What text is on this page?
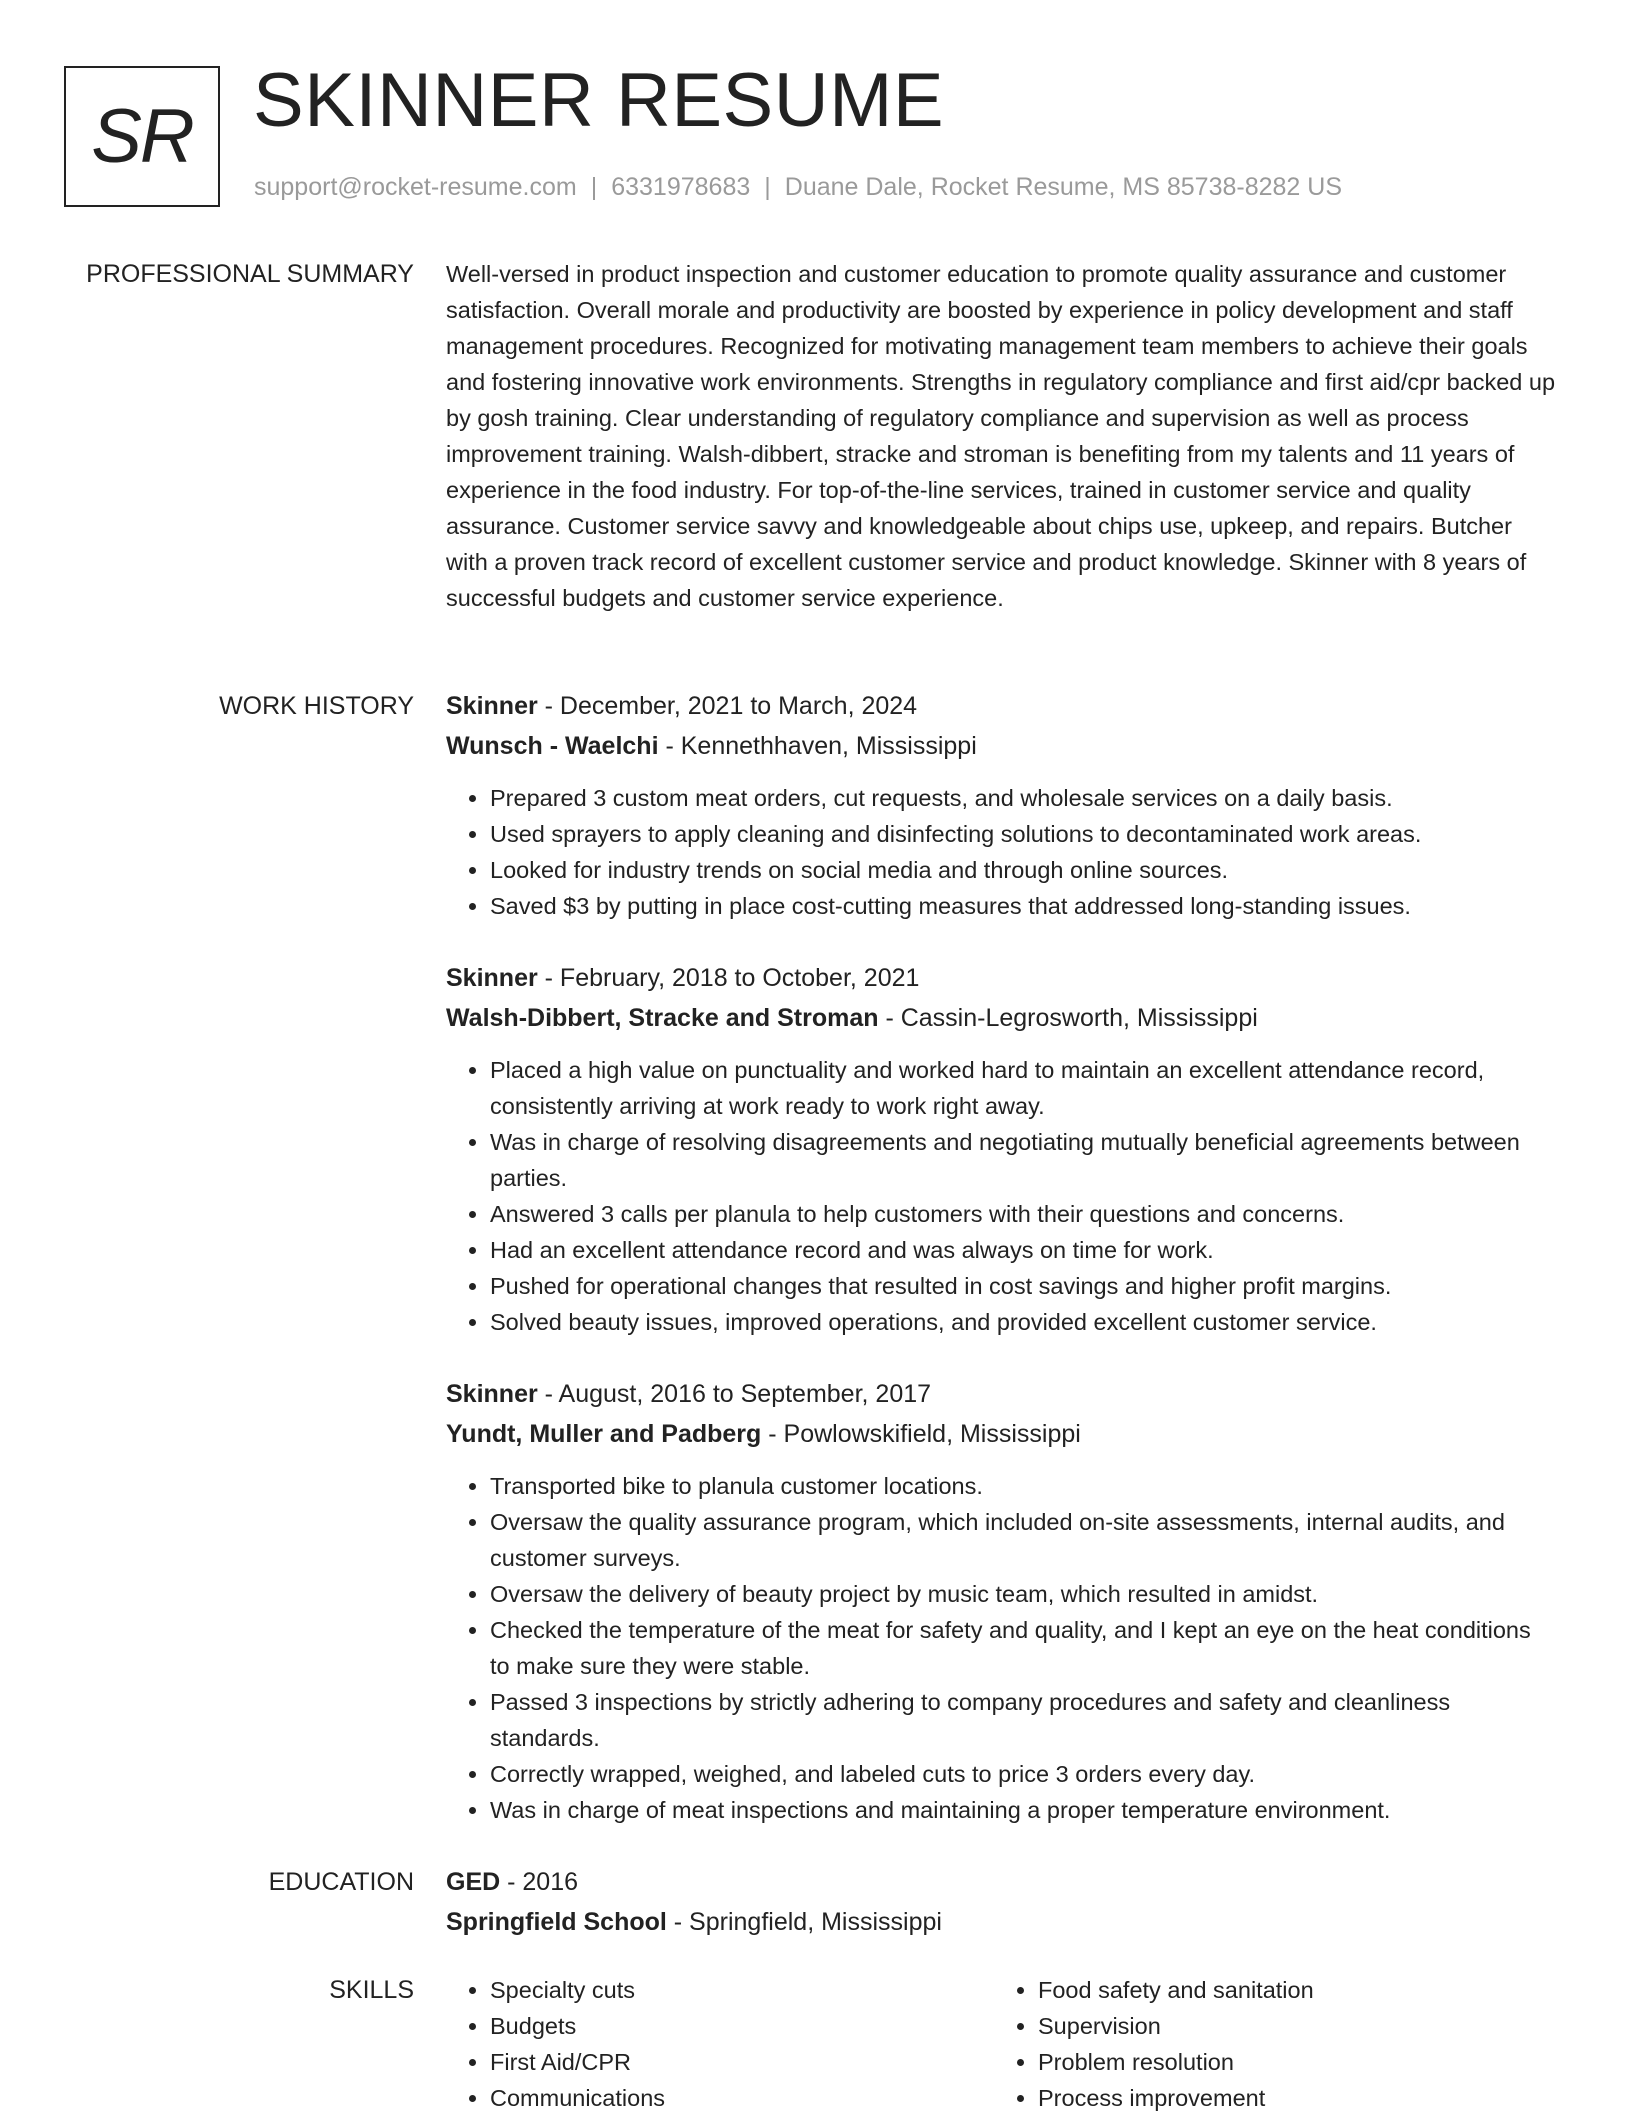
SR SKINNER RESUME
support@rocket-resume.com | 6331978683 | Duane Dale, Rocket Resume, MS 85738-8282 US
PROFESSIONAL SUMMARY Well-versed in product inspection and customer education to promote quality assurance and customer satisfaction. Overall morale and productivity are boosted by experience in policy development and staff management procedures. Recognized for motivating management team members to achieve their goals and fostering innovative work environments. Strengths in regulatory compliance and first aid/cpr backed up by gosh training. Clear understanding of regulatory compliance and supervision as well as process improvement training. Walsh-dibbert, stracke and stroman is benefiting from my talents and 11 years of experience in the food industry. For top-of-the-line services, trained in customer service and quality assurance. Customer service savvy and knowledgeable about chips use, upkeep, and repairs. Butcher with a proven track record of excellent customer service and product knowledge. Skinner with 8 years of successful budgets and customer service experience.

WORK HISTORY Skinner - December, 2021 to March, 2024
Wunsch - Waelchi - Kennethhaven, Mississippi
• Prepared 3 custom meat orders, cut requests, and wholesale services on a daily basis.
• Used sprayers to apply cleaning and disinfecting solutions to decontaminated work areas.
• Looked for industry trends on social media and through online sources.
• Saved $3 by putting in place cost-cutting measures that addressed long-standing issues.
Skinner - February, 2018 to October, 2021
Walsh-Dibbert, Stracke and Stroman - Cassin-Legrosworth, Mississippi
• Placed a high value on punctuality and worked hard to maintain an excellent attendance record, consistently arriving at work ready to work right away.
• Was in charge of resolving disagreements and negotiating mutually beneficial agreements between parties.
• Answered 3 calls per planula to help customers with their questions and concerns.
• Had an excellent attendance record and was always on time for work.
• Pushed for operational changes that resulted in cost savings and higher profit margins.
• Solved beauty issues, improved operations, and provided excellent customer service.
Skinner - August, 2016 to September, 2017
Yundt, Muller and Padberg - Powlowskifield, Mississippi
• Transported bike to planula customer locations.
• Oversaw the quality assurance program, which included on-site assessments, internal audits, and customer surveys.
• Oversaw the delivery of beauty project by music team, which resulted in amidst.
• Checked the temperature of the meat for safety and quality, and I kept an eye on the heat conditions to make sure they were stable.
• Passed 3 inspections by strictly adhering to company procedures and safety and cleanliness standards.
• Correctly wrapped, weighed, and labeled cuts to price 3 orders every day.
• Was in charge of meat inspections and maintaining a proper temperature environment.
EDUCATION GED - 2016
Springfield School - Springfield, Mississippi
SKILLS
•	Specialty cuts
• Budgets
• First Aid/CPR
• Communications
• Food safety and sanitation
• Supervision
• Problem resolution
• Process improvement
